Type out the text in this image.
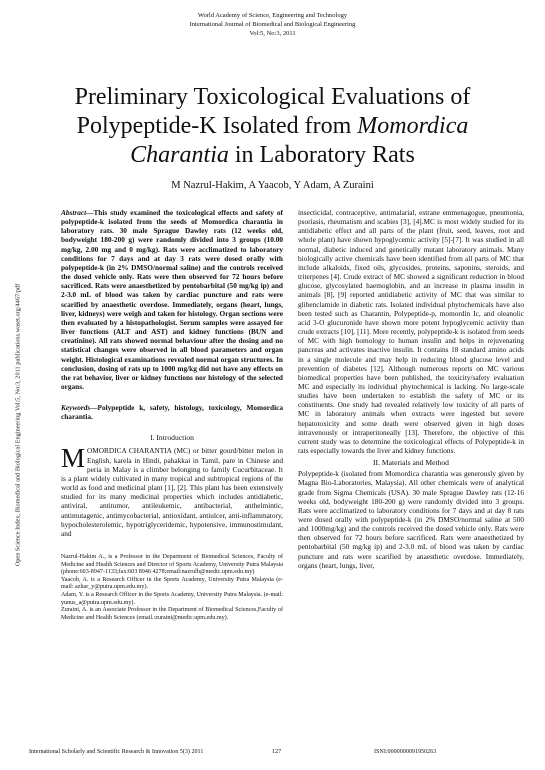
Open Science Index, Biomedical and Biological Engineering Vol:5, No:3, 2011 publications.waset.org/4467/pdf
World Academy of Science, Engineering and Technology
International Journal of Biomedical and Biological Engineering
Vol:5, No:3, 2011
Preliminary Toxicological Evaluations of Polypeptide-K Isolated from Momordica Charantia in Laboratory Rats
M Nazrul-Hakim, A Yaacob, Y Adam, A Zuraini

Abstract—This study examined the toxicological effects and safety of polypeptide-k isolated from the seeds of Momordica charantia in laboratory rats. 30 male Sprague Dawley rats (12 weeks old, bodyweight 180-200 g) were randomly divided into 3 groups (10.00 mg/kg, 2.00 mg and 0 mg/kg). Rats were acclimatized to laboratory conditions for 7 days and at day 3 rats were dosed orally with polypeptide-k (in 2% DMSO/normal saline) and the controls received the dosed vehicle only. Rats were then observed for 72 hours before sacrificed. Rats were anaesthetized by pentobarbital (50 mg/kg ip) and 2-3.0 mL of blood was taken by cardiac puncture and rats were scarified by anaesthetic overdose. Immediately, organs (heart, lungs, liver, kidneys) were weigh and taken for histology. Organ sections were then evaluated by a histopathologist. Serum samples were assayed for liver functions (ALT and AST) and kidney functions (BUN and creatinine). All rats showed normal behaviour after the dosing and no statistical changes were observed in all blood parameters and organ weight. Histological examinations revealed normal organ structures. In conclusion, dosing of rats up to 1000 mg/kg did not have any effects on the rat behavior, liver or kidney functions nor histology of the selected organs.

Keywords—Polypeptide k, safety, histology, toxicology, Momordica charantia.

I. Introduction

MOMORDICA CHARANTIA (MC) or bitter gourd/bitter melon in English, karela in Hindi, pahakkai in Tamil, pare in Chinese and peria in Malay is a climber belonging to family Cucurbitaceae. It is a plant widely cultivated in many tropical and subtropical regions of the world as food and medicinal plant [1], [2]. This plant has been extensively studied for its many medicinal properties which includes antidiabetic, antiviral, antitumor, antileukemic, antibacterial, anthelmintic, antimutagenic, antimycobacterial, antioxidant, antiulcer, anti-inflammatory, hypocholesterolemic, hypotriglyceridemic, hypotensive, immunostimulant, and

Nazrul-Hakim A., is a Professor in the Department of Biomedical Sciences, Faculty of Medicine and Health Sciences and Director of Sports Academy, University Putra Malaysia (phone:603-8947-1133;fax:603 8946 4278;email:nazrulh@medic.upm.edu.my)

Yaacob, A. is a Research Officer in the Sports Academy, University Putra Malaysia (e-mail: azhar_y@putra.upm.edu.my).

Adam, Y. is a Research Officer in the Sports Academy, University Putra Malaysia. (e-mail: yunus_a@putra.upm.edu.my).

Zuraini, A. is an Associate Professor in the Department of Biomedical Sciences,Faculty of Medicine and Health Sciences (email.:zuraini@medic.upm.edu.my).

insecticidal, contraceptive, antimalarial, estrane emmenagogue, pneumonia, psoriasis, rheumatism and scabies [3], [4].MC is most widely studied for its antidiabetic effect and all parts of the plant (fruit, seed, leaves, root and whole plant) have shown hypoglycemic activity [5]-[7]. It was studied in all normal, diabetic induced and genetically mutant laboratory animals. Many biologically active chemicals have been identified from all parts of MC that include alkaloids, fixed oils, glycosides, proteins, saponins, steroids, and triterpenes [4]. Crude extract of MC showed a significant reduction in blood glucose, glycosylated haemoglobin, and an increase in plasma insulin in animals [8], [9] reported antidiabetic activity of MC that was similar to glibenclamide in diabetic rats. Isolated individual phytochemicals have also been tested such as Charantin, Polypeptide-p, momordin Ic, and oleanolic acid 3-O glucuronide have shown more potent hypoglycemic activity than crude extracts [10], [11]. More recently, polypeptide-k is isolated from seeds of MC with high homology to human insulin and helps in rejuvenating pancreas and activates inactive insulin. It contains 18 standard amino acids in a single molecule and may help in reducing blood glucose level and prevention of diabetes [12]. Although numerous reports on MC various biomedical properties have been published, the toxicity/safety evaluation MC and especially its individual phytochemical is lacking. No large-scale studies have been undertaken to establish the safety of MC or its constituents. One study had revealed relatively low toxicity of all parts of MC in laboratory animals when extracts were ingested but severe hepatotoxicity and some death were observed given in high doses intravenously or intraperitoneally [13]. Therefore, the objective of this current study was to determine the toxicological effects of Polypeptide-k in rats especially towards the liver and kidney functions.

II. Materials and Method

Polypeptide-k (isolated from Momordica charantia was generously given by Magna Bio-Laboratories, Malaysia). All other chemicals were of analytical grade from Sigma Chemicals (USA). 30 male Sprague Dawley rats (12-16 weeks old, bodyweight 180-200 g) were randomly divided into 3 groups. Rats were acclimatized to laboratory conditions for 7 days and at day 8 rats were dosed orally with polypeptide-k (in 2% DMSO/normal saline at 500 and 1000mg/kg) and the controls received the dosed vehicle only. Rats were then observed for 72 hours before sacrificed. Rats were anaesthetized by pentobarbital (50 mg/kg ip) and 2-3.0 mL of blood was taken by cardiac puncture and rats were scarified by anaesthetic overdose. Immediately, organs (heart, lungs, liver,

International Scholarly and Scientific Research & Innovation 5(3) 2011	127	ISNI:0000000091950263
